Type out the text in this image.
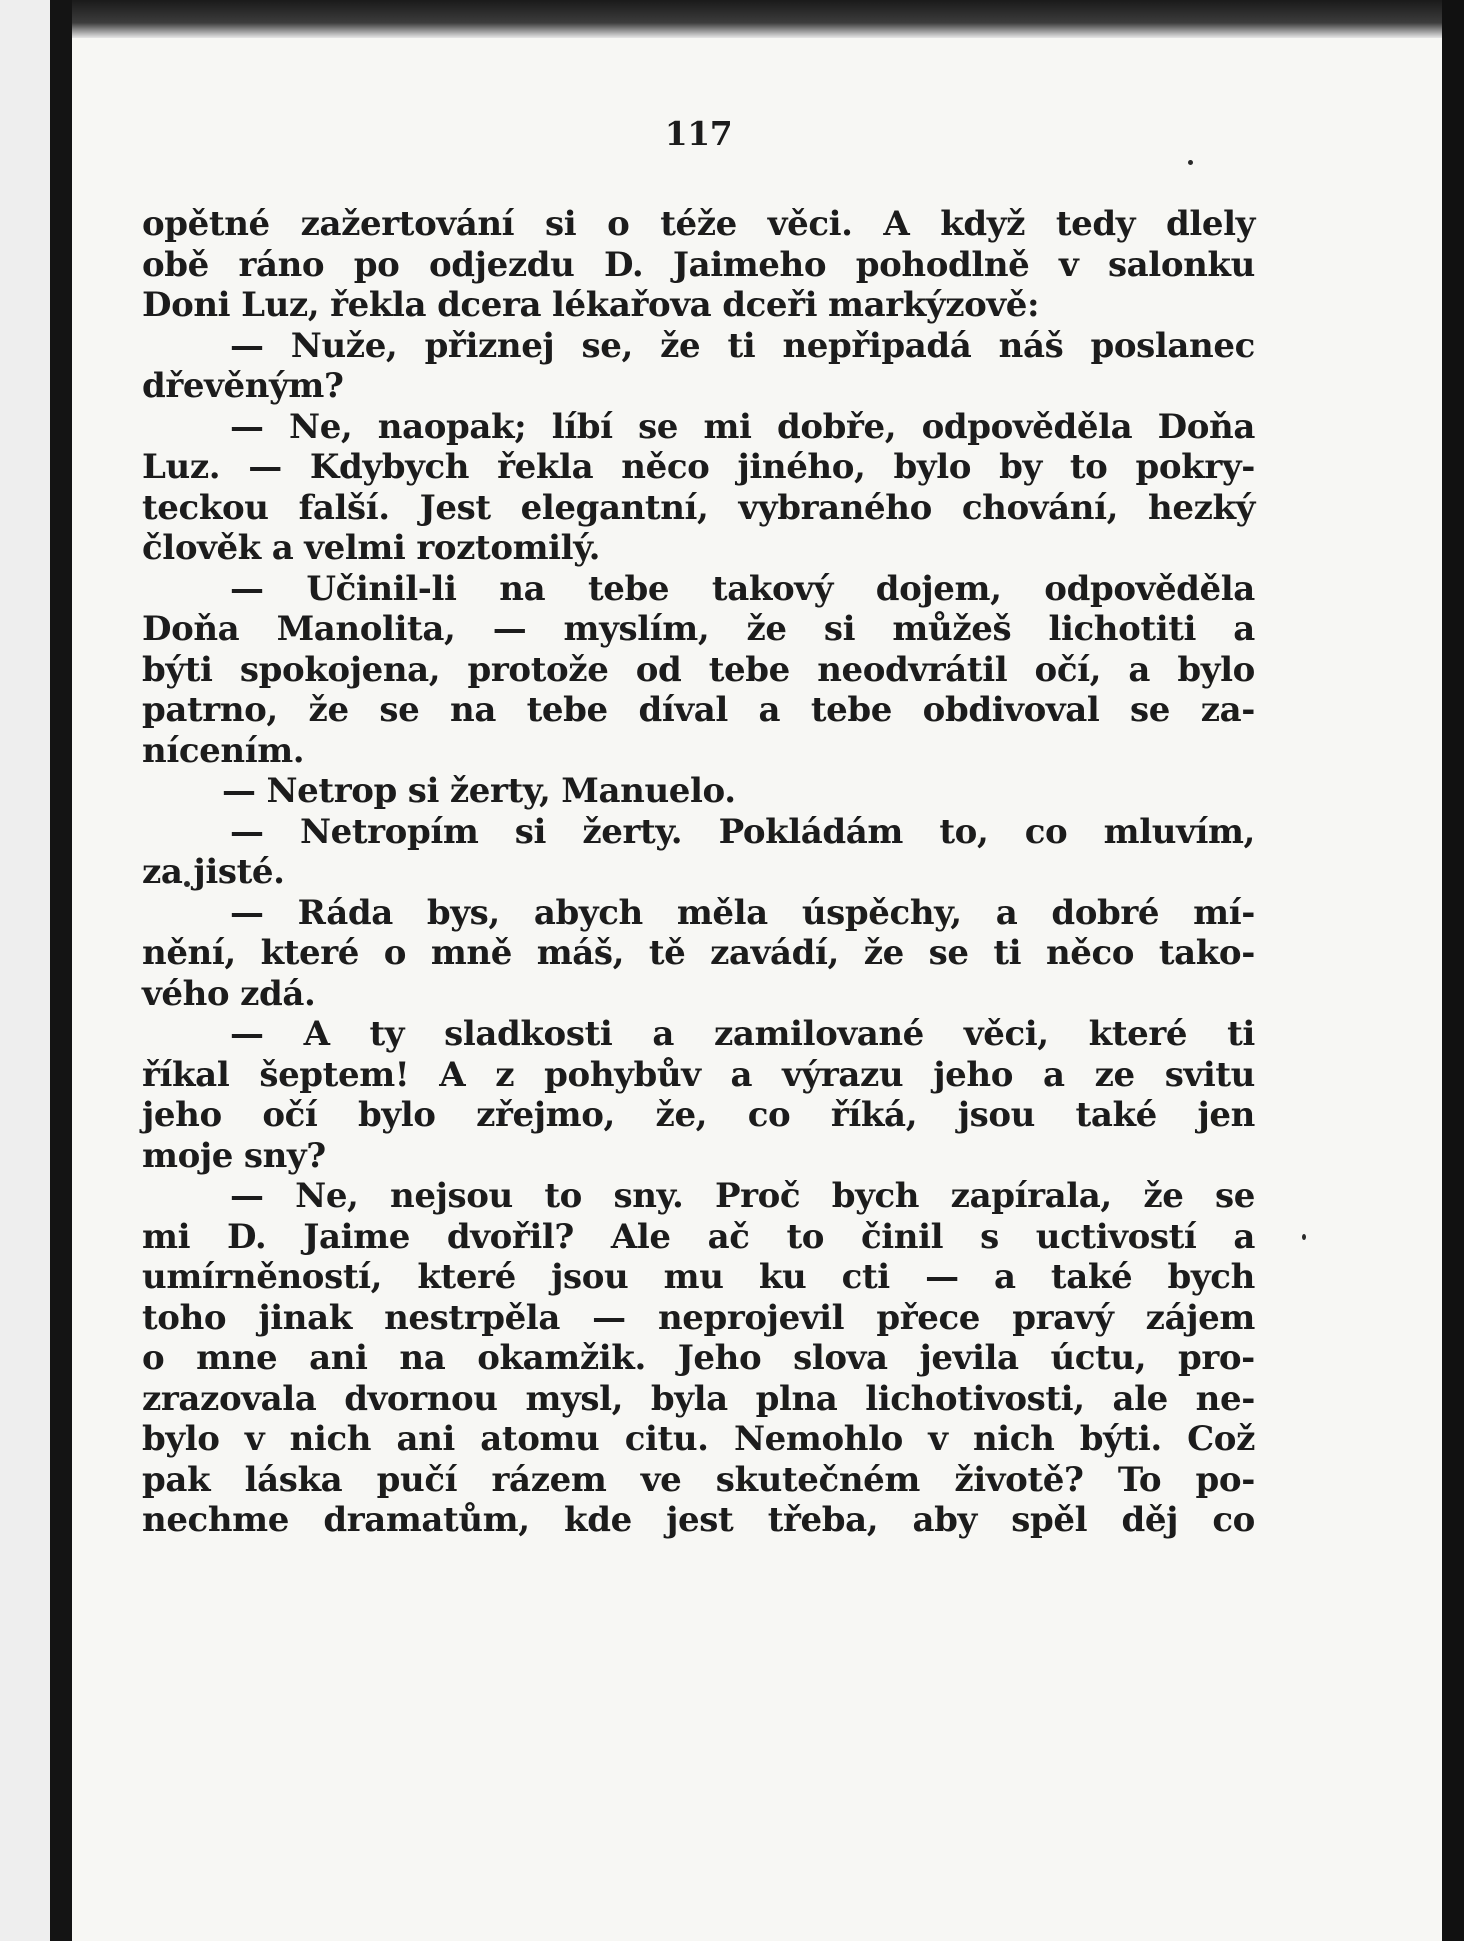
117
opětné zažertování si o téže věci. A když tedy dlely
obě ráno po odjezdu D. Jaimeho pohodlně v salonku
Doni Luz, řekla dcera lékařova dceři markýzově:
— Nuže, přiznej se, že ti nepřipadá náš poslanec
dřevěným?
— Ne, naopak; líbí se mi dobře, odpověděla Doňa
Luz. — Kdybych řekla něco jiného, bylo by to pokry-
teckou falší. Jest elegantní, vybraného chování, hezký
člověk a velmi roztomilý.
— Učinil-li na tebe takový dojem, odpověděla
Doňa Manolita, — myslím, že si můžeš lichotiti a
býti spokojena, protože od tebe neodvrátil očí, a bylo
patrno, že se na tebe díval a tebe obdivoval se za-
nícením.
— Netrop si žerty, Manuelo.
— Netropím si žerty. Pokládám to, co mluvím,
za jisté.
— Ráda bys, abych měla úspěchy, a dobré mí-
nění, které o mně máš, tě zavádí, že se ti něco tako-
vého zdá.
— A ty sladkosti a zamilované věci, které ti
říkal šeptem! A z pohybův a výrazu jeho a ze svitu
jeho očí bylo zřejmo, že, co říká, jsou také jen
moje sny?
— Ne, nejsou to sny. Proč bych zapírala, že se
mi D. Jaime dvořil? Ale ač to činil s uctivostí a
umírněností, které jsou mu ku cti — a také bych
toho jinak nestrpěla — neprojevil přece pravý zájem
o mne ani na okamžik. Jeho slova jevila úctu, pro-
zrazovala dvornou mysl, byla plna lichotivosti, ale ne-
bylo v nich ani atomu citu. Nemohlo v nich býti. Což
pak láska pučí rázem ve skutečném životě? To po-
nechme dramatům, kde jest třeba, aby spěl děj co
